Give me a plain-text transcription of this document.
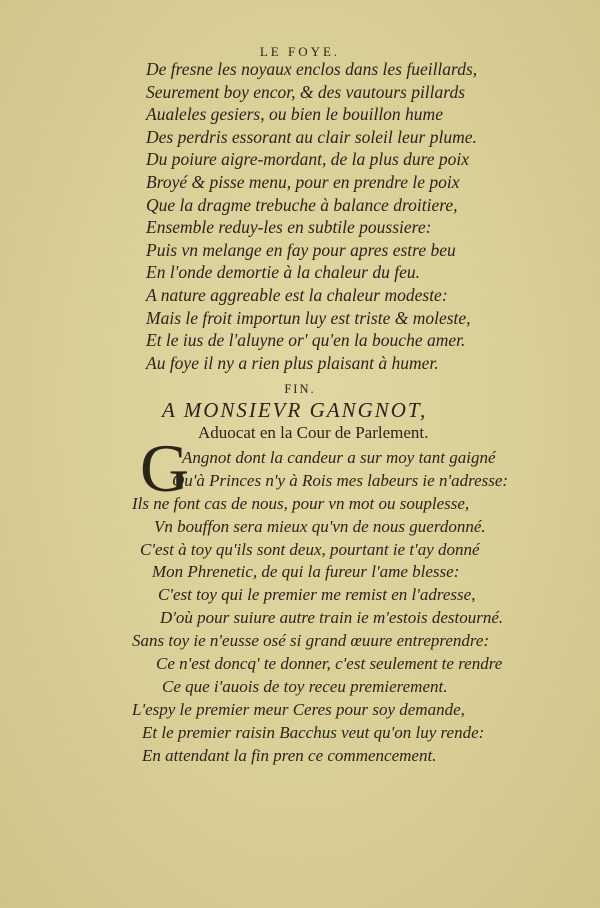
LE FOYE.
De fresne les noyaux enclos dans les fueillards,
Seurement boy encor, & des vautours pillards
Aualeles gesiers, ou bien le bouillon hume
Des perdris essorant au clair soleil leur plume.
Du poiure aigre-mordant, de la plus dure poix
Broyé & pisse menu, pour en prendre le poix
Que la dragme trebuche à balance droitiere,
Ensemble reduy-les en subtile poussiere:
Puis vn melange en fay pour apres estre beu
En l'onde demortie à la chaleur du feu.
A nature aggreable est la chaleur modeste:
Mais le froit importun luy est triste & moleste,
Et le ius de l'aluyne or' qu'en la bouche amer.
Au foye il ny a rien plus plaisant à humer.
FIN.
A MONSIEVR GANGNOT,
Aduocat en la Cour de Parlement.
G
Angnot dont la candeur a sur moy tant gaigné
Qu'à Princes n'y à Rois mes labeurs ie n'adresse:
Ils ne font cas de nous, pour vn mot ou souplesse,
Vn bouffon sera mieux qu'vn de nous guerdonné.
C'est à toy qu'ils sont deux, pourtant ie t'ay donné
Mon Phrenetic, de qui la fureur l'ame blesse:
C'est toy qui le premier me remist en l'adresse,
D'où pour suiure autre train ie m'estois destourné.
Sans toy ie n'eusse osé si grand œuure entreprendre:
Ce n'est doncq' te donner, c'est seulement te rendre
Ce que i'auois de toy receu premierement.
L'espy le premier meur Ceres pour soy demande,
Et le premier raisin Bacchus veut qu'on luy rende:
En attendant la fin pren ce commencement.
